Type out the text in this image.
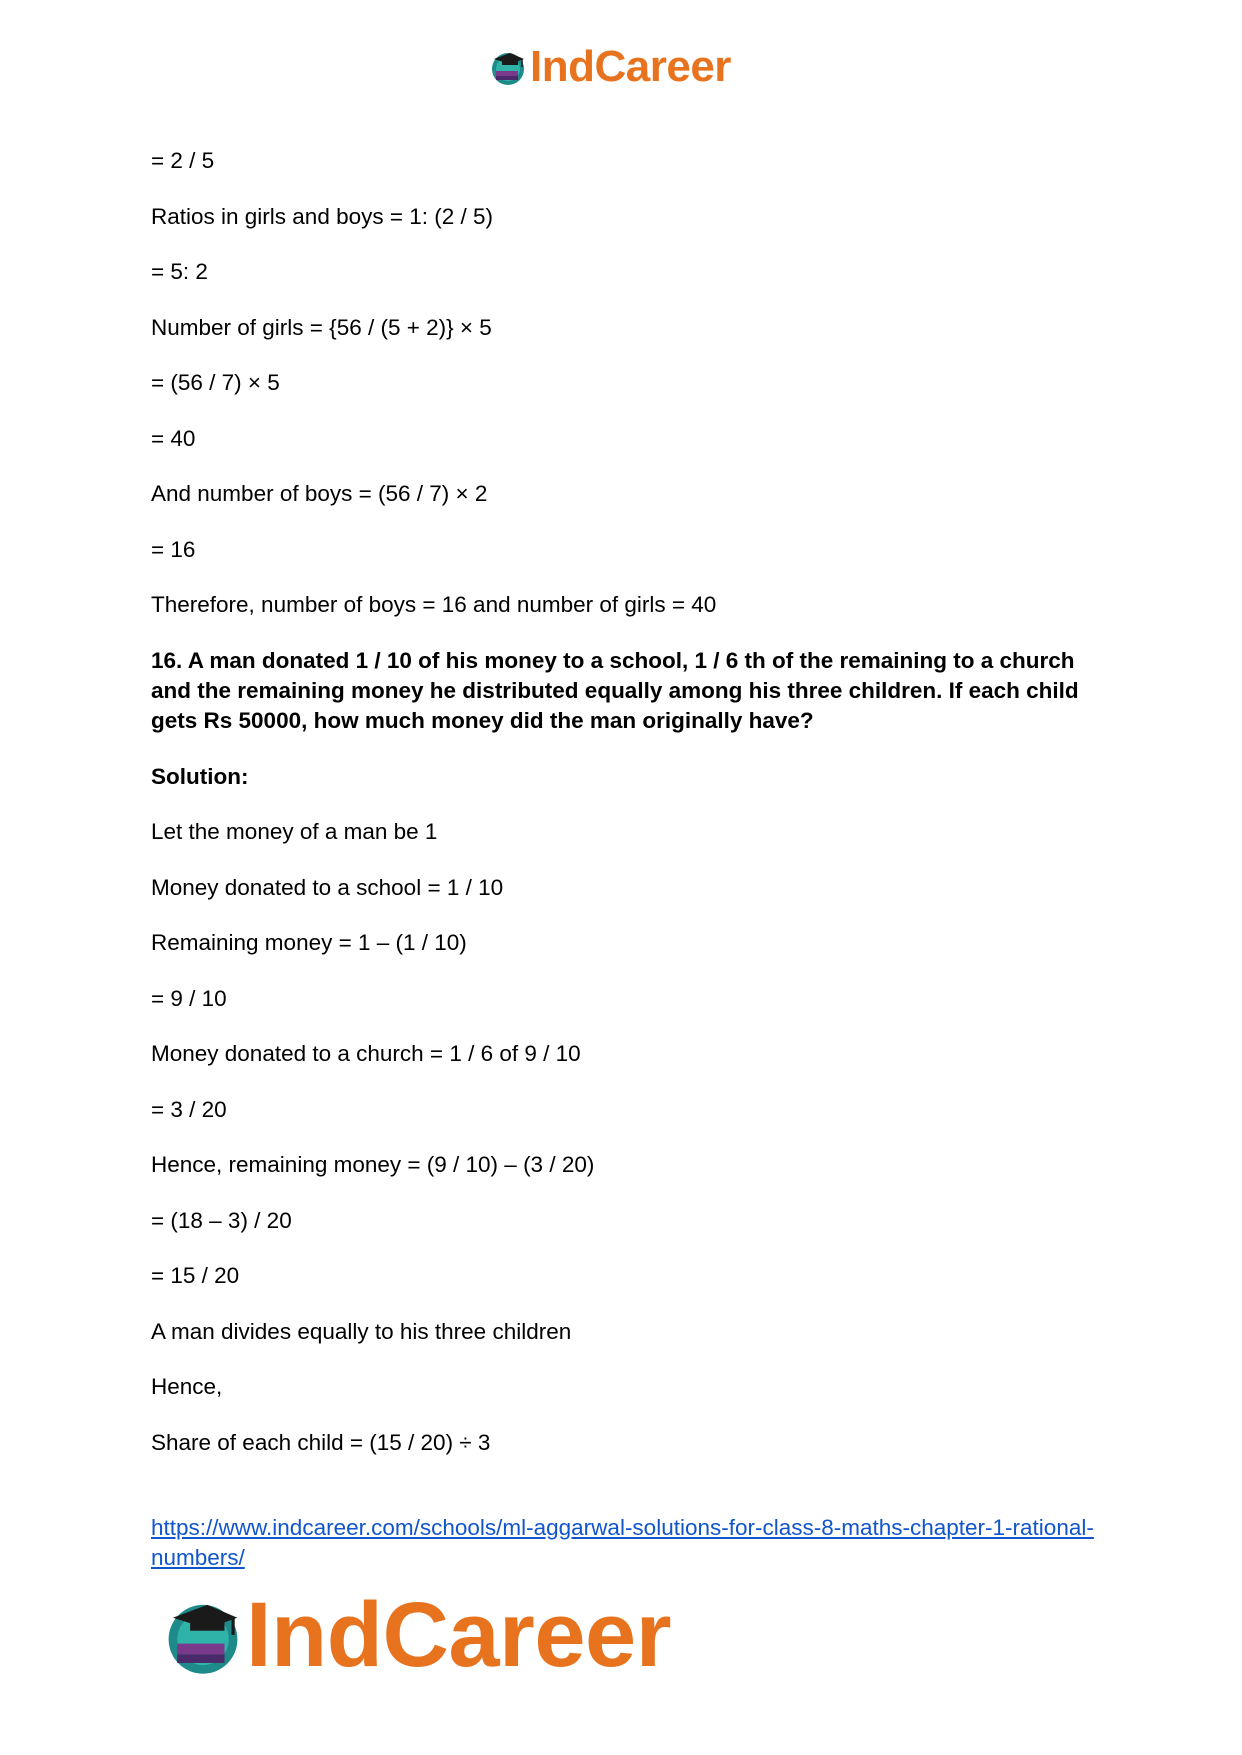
IndCareer
= 2 / 5
Ratios in girls and boys = 1: (2 / 5)
= 5: 2
Number of girls = {56 / (5 + 2)} × 5
= (56 / 7) × 5
= 40
And number of boys = (56 / 7) × 2
= 16
Therefore, number of boys = 16 and number of girls = 40
16. A man donated 1 / 10 of his money to a school, 1 / 6 th of the remaining to a church and the remaining money he distributed equally among his three children. If each child gets Rs 50000, how much money did the man originally have?
Solution:
Let the money of a man be 1
Money donated to a school = 1 / 10
Remaining money = 1 – (1 / 10)
= 9 / 10
Money donated to a church = 1 / 6 of 9 / 10
= 3 / 20
Hence, remaining money = (9 / 10) – (3 / 20)
= (18 – 3) / 20
= 15 / 20
A man divides equally to his three children
Hence,
Share of each child = (15 / 20) ÷ 3
https://www.indcareer.com/schools/ml-aggarwal-solutions-for-class-8-maths-chapter-1-rational-numbers/
IndCareer
